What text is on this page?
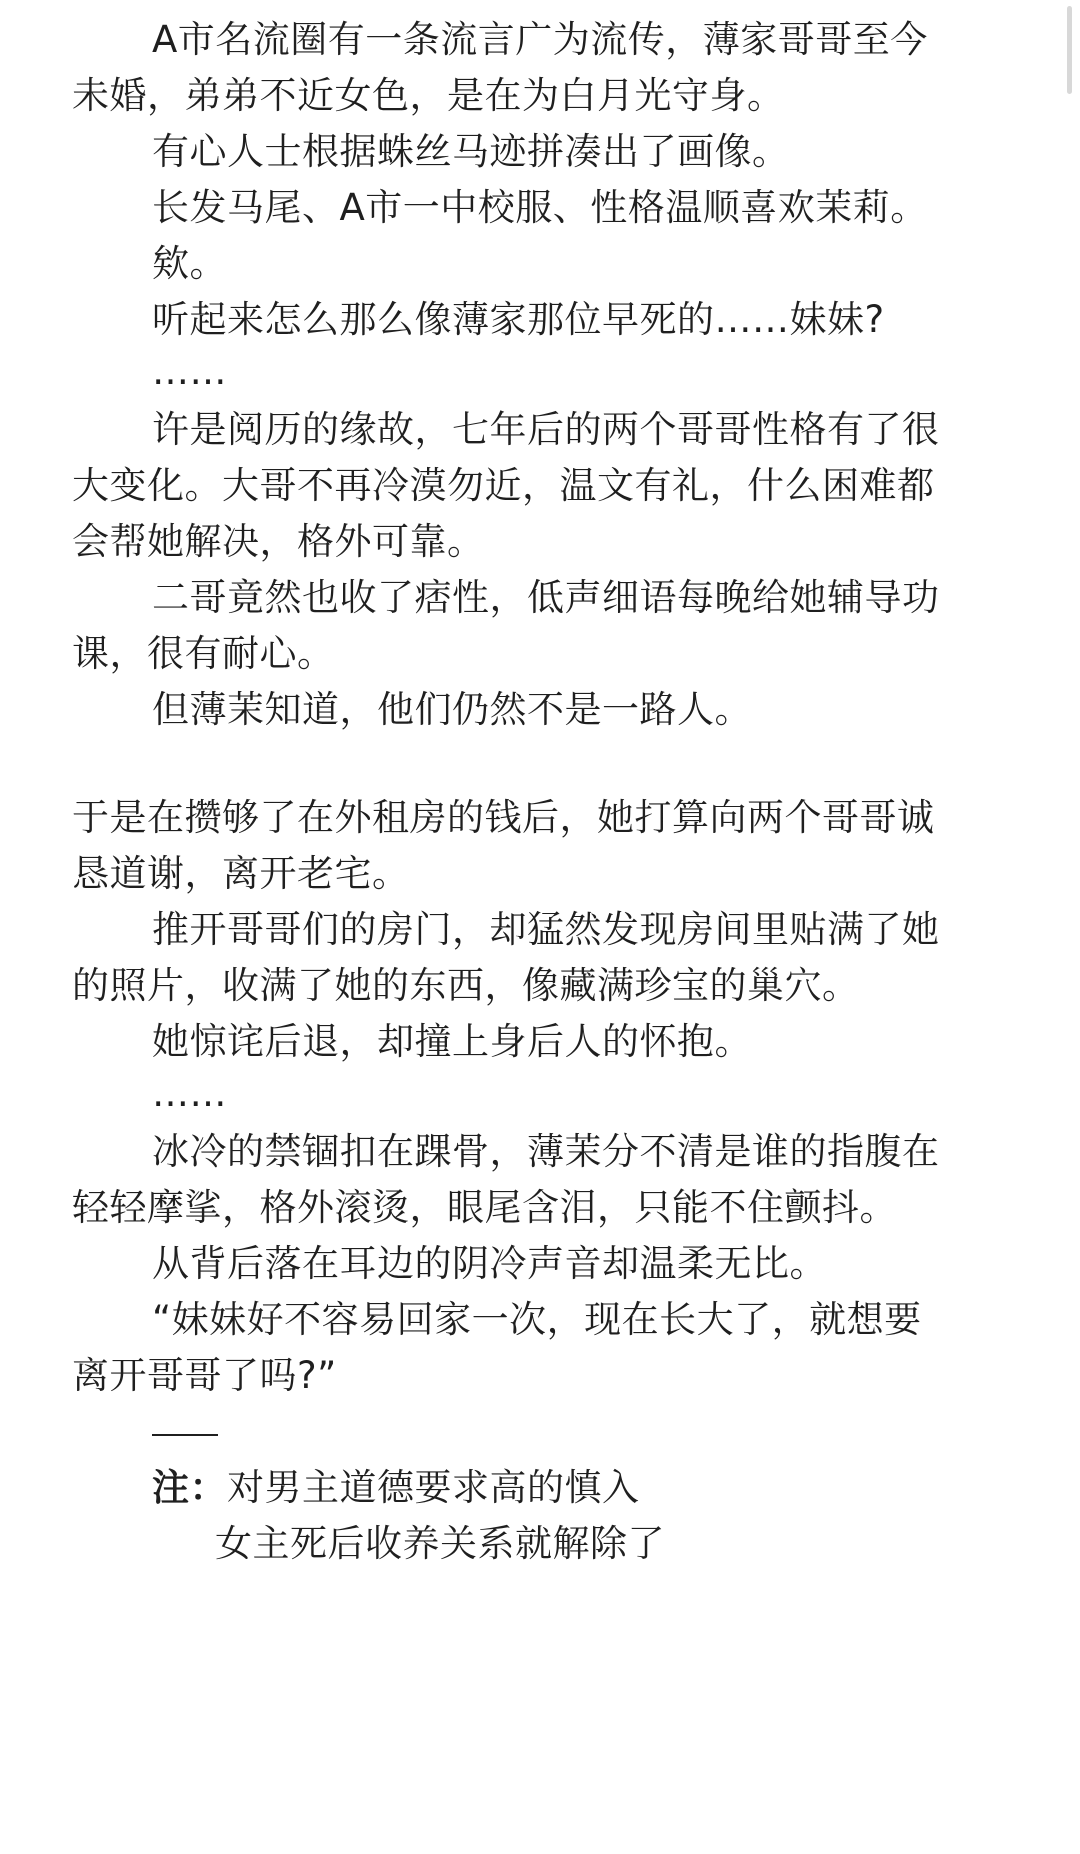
A市名流圈有一条流言广为流传，薄家哥哥至今
未婚，弟弟不近女色，是在为白月光守身。
有心人士根据蛛丝马迹拼凑出了画像。
长发马尾、A市一中校服、性格温顺喜欢茉莉。
欸。
听起来怎么那么像薄家那位早死的……妹妹?
……
许是阅历的缘故，七年后的两个哥哥性格有了很
大变化。大哥不再冷漠勿近，温文有礼，什么困难都
会帮她解决，格外可靠。
二哥竟然也收了痞性，低声细语每晚给她辅导功
课，很有耐心。
但薄茉知道，他们仍然不是一路人。
于是在攒够了在外租房的钱后，她打算向两个哥哥诚
恳道谢，离开老宅。
推开哥哥们的房门，却猛然发现房间里贴满了她
的照片，收满了她的东西，像藏满珍宝的巢穴。
她惊诧后退，却撞上身后人的怀抱。
……
冰冷的禁锢扣在踝骨，薄茉分不清是谁的指腹在
轻轻摩挲，格外滚烫，眼尾含泪，只能不住颤抖。
从背后落在耳边的阴冷声音却温柔无比。
“妹妹好不容易回家一次，现在长大了，就想要
离开哥哥了吗?”
注：对男主道德要求高的慎入
女主死后收养关系就解除了
